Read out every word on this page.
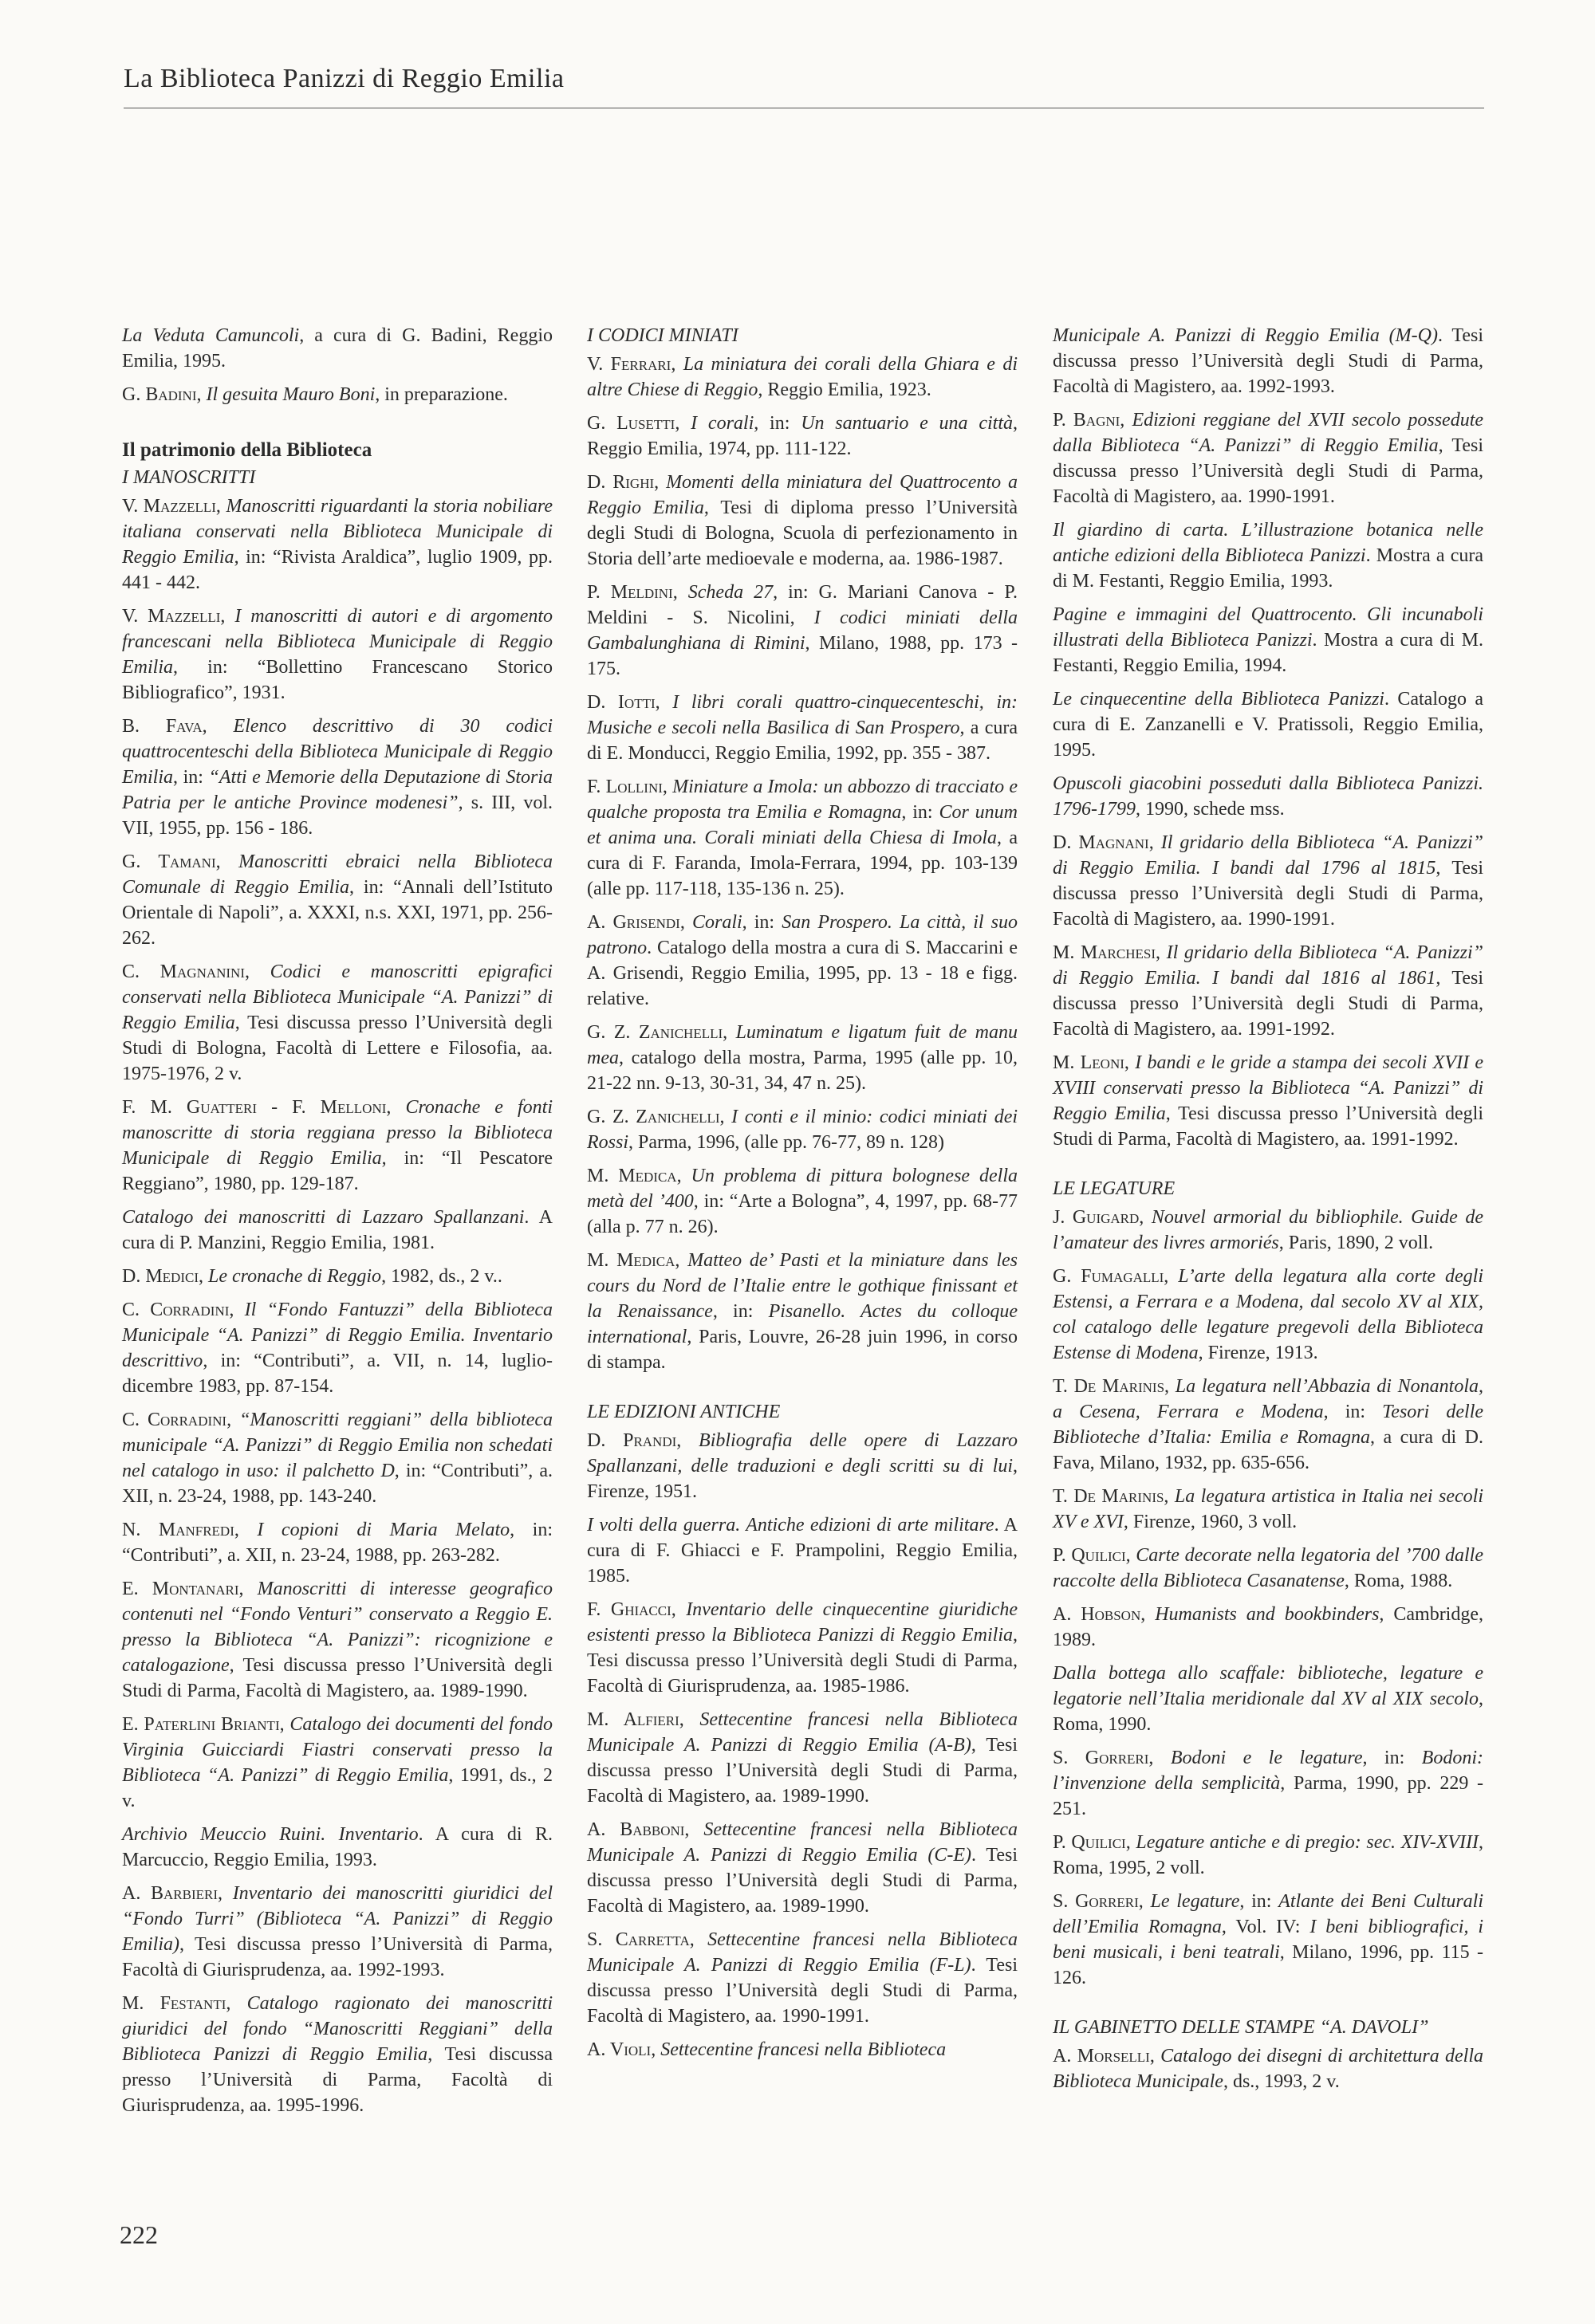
La Biblioteca Panizzi di Reggio Emilia

La Veduta Camuncoli, a cura di G. Badini, Reggio Emilia, 1995.

G. Badini, Il gesuita Mauro Boni, in preparazione.

Il patrimonio della Biblioteca
I MANOSCRITTI

V. Mazzelli, Manoscritti riguardanti la storia nobiliare italiana conservati nella Biblioteca Municipale di Reggio Emilia, in: “Rivista Araldica”, luglio 1909, pp. 441 - 442.

V. Mazzelli, I manoscritti di autori e di argomento francescani nella Biblioteca Municipale di Reggio Emilia, in: “Bollettino Francescano Storico Bibliografico”, 1931.

B. Fava, Elenco descrittivo di 30 codici quattrocenteschi della Biblioteca Municipale di Reggio Emilia, in: “Atti e Memorie della Deputazione di Storia Patria per le antiche Province modenesi”, s. III, vol. VII, 1955, pp. 156 - 186.

G. Tamani, Manoscritti ebraici nella Biblioteca Comunale di Reggio Emilia, in: “Annali dell’Istituto Orientale di Napoli”, a. XXXI, n.s. XXI, 1971, pp. 256-262.

C. Magnanini, Codici e manoscritti epigrafici conservati nella Biblioteca Municipale “A. Panizzi” di Reggio Emilia, Tesi discussa presso l’Università degli Studi di Bologna, Facoltà di Lettere e Filosofia, aa. 1975-1976, 2 v.

F. M. Guatteri - F. Melloni, Cronache e fonti manoscritte di storia reggiana presso la Biblioteca Municipale di Reggio Emilia, in: “Il Pescatore Reggiano”, 1980, pp. 129-187.

Catalogo dei manoscritti di Lazzaro Spallanzani. A cura di P. Manzini, Reggio Emilia, 1981.

D. Medici, Le cronache di Reggio, 1982, ds., 2 v..

C. Corradini, Il “Fondo Fantuzzi” della Biblioteca Municipale “A. Panizzi” di Reggio Emilia. Inventario descrittivo, in: “Contributi”, a. VII, n. 14, luglio-dicembre 1983, pp. 87-154.

C. Corradini, “Manoscritti reggiani” della biblioteca municipale “A. Panizzi” di Reggio Emilia non schedati nel catalogo in uso: il palchetto D, in: “Contributi”, a. XII, n. 23-24, 1988, pp. 143-240.

N. Manfredi, I copioni di Maria Melato, in: “Contributi”, a. XII, n. 23-24, 1988, pp. 263-282.

E. Montanari, Manoscritti di interesse geografico contenuti nel “Fondo Venturi” conservato a Reggio E. presso la Biblioteca “A. Panizzi”: ricognizione e catalogazione, Tesi discussa presso l’Università degli Studi di Parma, Facoltà di Magistero, aa. 1989-1990.

E. Paterlini Brianti, Catalogo dei documenti del fondo Virginia Guicciardi Fiastri conservati presso la Biblioteca “A. Panizzi” di Reggio Emilia, 1991, ds., 2 v.

Archivio Meuccio Ruini. Inventario. A cura di R. Marcuccio, Reggio Emilia, 1993.

A. Barbieri, Inventario dei manoscritti giuridici del “Fondo Turri” (Biblioteca “A. Panizzi” di Reggio Emilia), Tesi discussa presso l’Università di Parma, Facoltà di Giurisprudenza, aa. 1992-1993.

M. Festanti, Catalogo ragionato dei manoscritti giuridici del fondo “Manoscritti Reggiani” della Biblioteca Panizzi di Reggio Emilia, Tesi discussa presso l’Università di Parma, Facoltà di Giurisprudenza, aa. 1995-1996.

I CODICI MINIATI

V. Ferrari, La miniatura dei corali della Ghiara e di altre Chiese di Reggio, Reggio Emilia, 1923.

G. Lusetti, I corali, in: Un santuario e una città, Reggio Emilia, 1974, pp. 111-122.

D. Righi, Momenti della miniatura del Quattrocento a Reggio Emilia, Tesi di diploma presso l’Università degli Studi di Bologna, Scuola di perfezionamento in Storia dell’arte medioevale e moderna, aa. 1986-1987.

P. Meldini, Scheda 27, in: G. Mariani Canova - P. Meldini - S. Nicolini, I codici miniati della Gambalunghiana di Rimini, Milano, 1988, pp. 173 - 175.

D. Iotti, I libri corali quattro-cinquecenteschi, in: Musiche e secoli nella Basilica di San Prospero, a cura di E. Monducci, Reggio Emilia, 1992, pp. 355 - 387.

F. Lollini, Miniature a Imola: un abbozzo di tracciato e qualche proposta tra Emilia e Romagna, in: Cor unum et anima una. Corali miniati della Chiesa di Imola, a cura di F. Faranda, Imola-Ferrara, 1994, pp. 103-139 (alle pp. 117-118, 135-136 n. 25).

A. Grisendi, Corali, in: San Prospero. La città, il suo patrono. Catalogo della mostra a cura di S. Maccarini e A. Grisendi, Reggio Emilia, 1995, pp. 13 - 18 e figg. relative.

G. Z. Zanichelli, Luminatum e ligatum fuit de manu mea, catalogo della mostra, Parma, 1995 (alle pp. 10, 21-22 nn. 9-13, 30-31, 34, 47 n. 25).

G. Z. Zanichelli, I conti e il minio: codici miniati dei Rossi, Parma, 1996, (alle pp. 76-77, 89 n. 128)

M. Medica, Un problema di pittura bolognese della metà del ’400, in: “Arte a Bologna”, 4, 1997, pp. 68-77 (alla p. 77 n. 26).

M. Medica, Matteo de’ Pasti et la miniature dans les cours du Nord de l’Italie entre le gothique finissant et la Renaissance, in: Pisanello. Actes du colloque international, Paris, Louvre, 26-28 juin 1996, in corso di stampa.

LE EDIZIONI ANTICHE

D. Prandi, Bibliografia delle opere di Lazzaro Spallanzani, delle traduzioni e degli scritti su di lui, Firenze, 1951.

I volti della guerra. Antiche edizioni di arte militare. A cura di F. Ghiacci e F. Prampolini, Reggio Emilia, 1985.

F. Ghiacci, Inventario delle cinquecentine giuridiche esistenti presso la Biblioteca Panizzi di Reggio Emilia, Tesi discussa presso l’Università degli Studi di Parma, Facoltà di Giurisprudenza, aa. 1985-1986.

M. Alfieri, Settecentine francesi nella Biblioteca Municipale A. Panizzi di Reggio Emilia (A-B), Tesi discussa presso l’Università degli Studi di Parma, Facoltà di Magistero, aa. 1989-1990.

A. Babboni, Settecentine francesi nella Biblioteca Municipale A. Panizzi di Reggio Emilia (C-E). Tesi discussa presso l’Università degli Studi di Parma, Facoltà di Magistero, aa. 1989-1990.

S. Carretta, Settecentine francesi nella Biblioteca Municipale A. Panizzi di Reggio Emilia (F-L). Tesi discussa presso l’Università degli Studi di Parma, Facoltà di Magistero, aa. 1990-1991.

A. Violi, Settecentine francesi nella Biblioteca

Municipale A. Panizzi di Reggio Emilia (M-Q). Tesi discussa presso l’Università degli Studi di Parma, Facoltà di Magistero, aa. 1992-1993.

P. Bagni, Edizioni reggiane del XVII secolo possedute dalla Biblioteca “A. Panizzi” di Reggio Emilia, Tesi discussa presso l’Università degli Studi di Parma, Facoltà di Magistero, aa. 1990-1991.

Il giardino di carta. L’illustrazione botanica nelle antiche edizioni della Biblioteca Panizzi. Mostra a cura di M. Festanti, Reggio Emilia, 1993.

Pagine e immagini del Quattrocento. Gli incunaboli illustrati della Biblioteca Panizzi. Mostra a cura di M. Festanti, Reggio Emilia, 1994.

Le cinquecentine della Biblioteca Panizzi. Catalogo a cura di E. Zanzanelli e V. Pratissoli, Reggio Emilia, 1995.

Opuscoli giacobini posseduti dalla Biblioteca Panizzi. 1796-1799, 1990, schede mss.

D. Magnani, Il gridario della Biblioteca “A. Panizzi” di Reggio Emilia. I bandi dal 1796 al 1815, Tesi discussa presso l’Università degli Studi di Parma, Facoltà di Magistero, aa. 1990-1991.

M. Marchesi, Il gridario della Biblioteca “A. Panizzi” di Reggio Emilia. I bandi dal 1816 al 1861, Tesi discussa presso l’Università degli Studi di Parma, Facoltà di Magistero, aa. 1991-1992.

M. Leoni, I bandi e le gride a stampa dei secoli XVII e XVIII conservati presso la Biblioteca “A. Panizzi” di Reggio Emilia, Tesi discussa presso l’Università degli Studi di Parma, Facoltà di Magistero, aa. 1991-1992.

LE LEGATURE

J. Guigard, Nouvel armorial du bibliophile. Guide de l’amateur des livres armoriés, Paris, 1890, 2 voll.

G. Fumagalli, L’arte della legatura alla corte degli Estensi, a Ferrara e a Modena, dal secolo XV al XIX, col catalogo delle legature pregevoli della Biblioteca Estense di Modena, Firenze, 1913.

T. De Marinis, La legatura nell’Abbazia di Nonantola, a Cesena, Ferrara e Modena, in: Tesori delle Biblioteche d’Italia: Emilia e Romagna, a cura di D. Fava, Milano, 1932, pp. 635-656.

T. De Marinis, La legatura artistica in Italia nei secoli XV e XVI, Firenze, 1960, 3 voll.

P. Quilici, Carte decorate nella legatoria del ’700 dalle raccolte della Biblioteca Casanatense, Roma, 1988.

A. Hobson, Humanists and bookbinders, Cambridge, 1989.

Dalla bottega allo scaffale: biblioteche, legature e legatorie nell’Italia meridionale dal XV al XIX secolo, Roma, 1990.

S. Gorreri, Bodoni e le legature, in: Bodoni: l’invenzione della semplicità, Parma, 1990, pp. 229 - 251.

P. Quilici, Legature antiche e di pregio: sec. XIV-XVIII, Roma, 1995, 2 voll.

S. Gorreri, Le legature, in: Atlante dei Beni Culturali dell’Emilia Romagna, Vol. IV: I beni bibliografici, i beni musicali, i beni teatrali, Milano, 1996, pp. 115 - 126.

IL GABINETTO DELLE STAMPE “A. DAVOLI”

A. Morselli, Catalogo dei disegni di architettura della Biblioteca Municipale, ds., 1993, 2 v.

222
